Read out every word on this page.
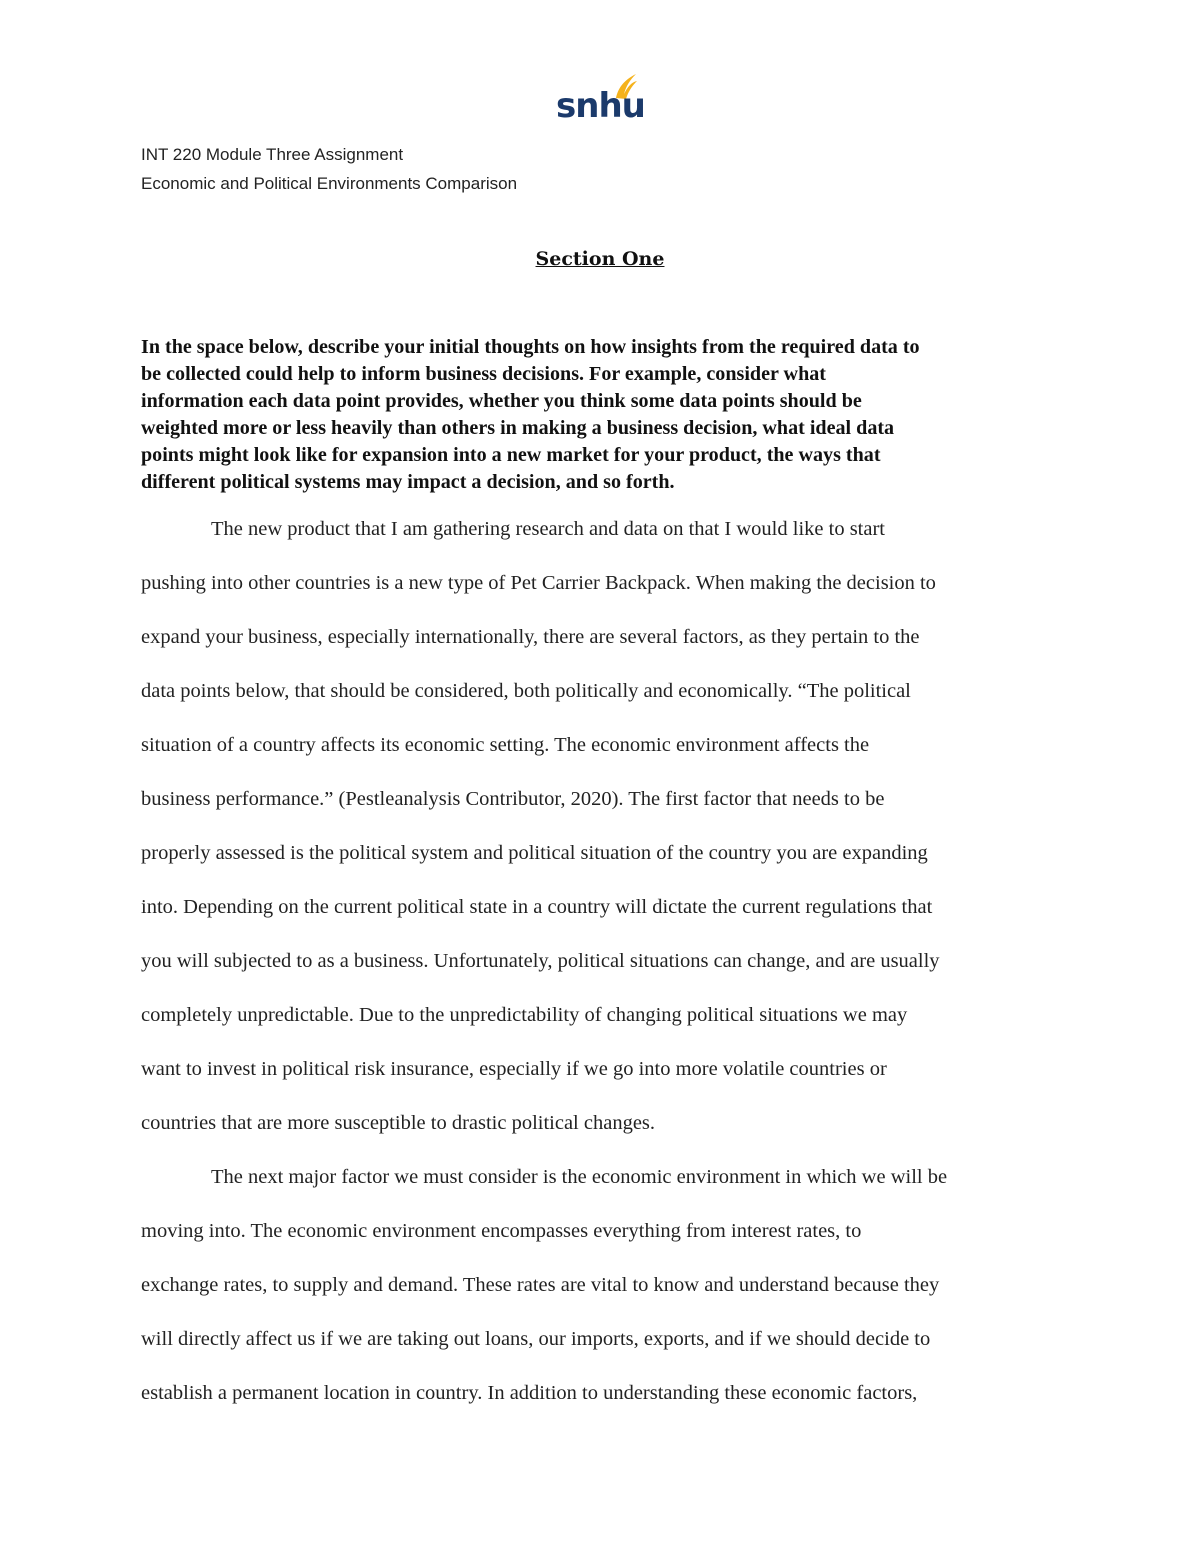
snhu
INT 220 Module Three Assignment
Economic and Political Environments Comparison
Section One
In the space below, describe your initial thoughts on how insights from the required data to
be collected could help to inform business decisions. For example, consider what
information each data point provides, whether you think some data points should be
weighted more or less heavily than others in making a business decision, what ideal data
points might look like for expansion into a new market for your product, the ways that
different political systems may impact a decision, and so forth.
The new product that I am gathering research and data on that I would like to start
pushing into other countries is a new type of Pet Carrier Backpack. When making the decision to
expand your business, especially internationally, there are several factors, as they pertain to the
data points below, that should be considered, both politically and economically. “The political
situation of a country affects its economic setting. The economic environment affects the
business performance.” (Pestleanalysis Contributor, 2020). The first factor that needs to be
properly assessed is the political system and political situation of the country you are expanding
into. Depending on the current political state in a country will dictate the current regulations that
you will subjected to as a business. Unfortunately, political situations can change, and are usually
completely unpredictable. Due to the unpredictability of changing political situations we may
want to invest in political risk insurance, especially if we go into more volatile countries or
countries that are more susceptible to drastic political changes.
The next major factor we must consider is the economic environment in which we will be
moving into. The economic environment encompasses everything from interest rates, to
exchange rates, to supply and demand. These rates are vital to know and understand because they
will directly affect us if we are taking out loans, our imports, exports, and if we should decide to
establish a permanent location in country. In addition to understanding these economic factors,
